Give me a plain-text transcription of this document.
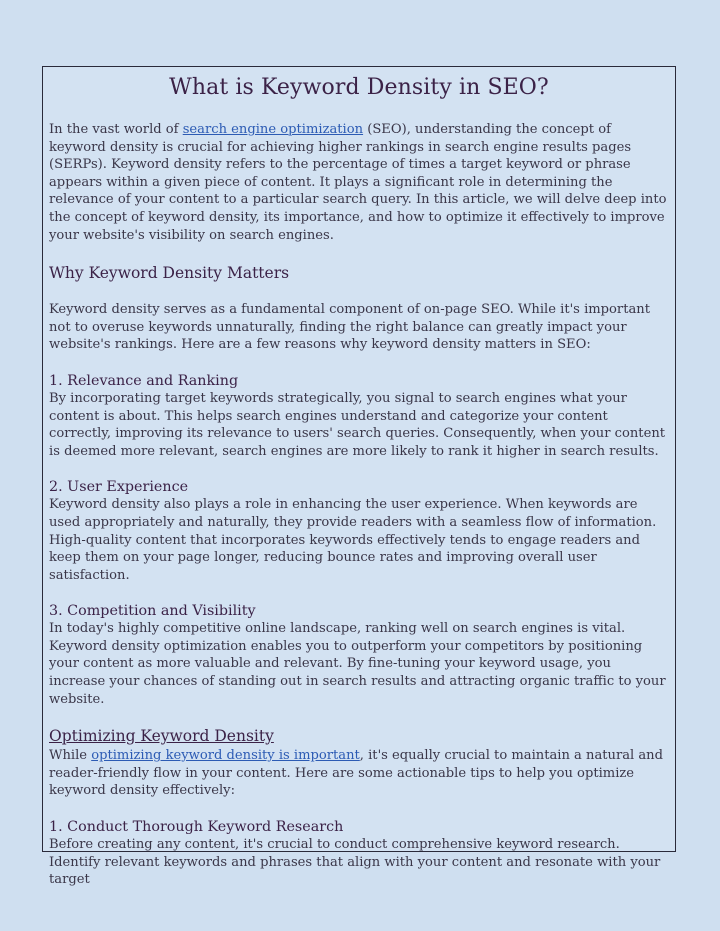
What is Keyword Density in SEO?

In the vast world of search engine optimization (SEO), understanding the concept of keyword density is crucial for achieving higher rankings in search engine results pages (SERPs). Keyword density refers to the percentage of times a target keyword or phrase appears within a given piece of content. It plays a significant role in determining the relevance of your content to a particular search query. In this article, we will delve deep into the concept of keyword density, its importance, and how to optimize it effectively to improve your website's visibility on search engines.

Why Keyword Density Matters

Keyword density serves as a fundamental component of on-page SEO. While it's important not to overuse keywords unnaturally, finding the right balance can greatly impact your website's rankings. Here are a few reasons why keyword density matters in SEO:

1. Relevance and Ranking

By incorporating target keywords strategically, you signal to search engines what your content is about. This helps search engines understand and categorize your content correctly, improving its relevance to users' search queries. Consequently, when your content is deemed more relevant, search engines are more likely to rank it higher in search results.

2. User Experience

Keyword density also plays a role in enhancing the user experience. When keywords are used appropriately and naturally, they provide readers with a seamless flow of information. High-quality content that incorporates keywords effectively tends to engage readers and keep them on your page longer, reducing bounce rates and improving overall user satisfaction.

3. Competition and Visibility

In today's highly competitive online landscape, ranking well on search engines is vital. Keyword density optimization enables you to outperform your competitors by positioning your content as more valuable and relevant. By fine-tuning your keyword usage, you increase your chances of standing out in search results and attracting organic traffic to your website.

Optimizing Keyword Density

While optimizing keyword density is important, it's equally crucial to maintain a natural and reader-friendly flow in your content. Here are some actionable tips to help you optimize keyword density effectively:

1. Conduct Thorough Keyword Research

Before creating any content, it's crucial to conduct comprehensive keyword research. Identify relevant keywords and phrases that align with your content and resonate with your target
